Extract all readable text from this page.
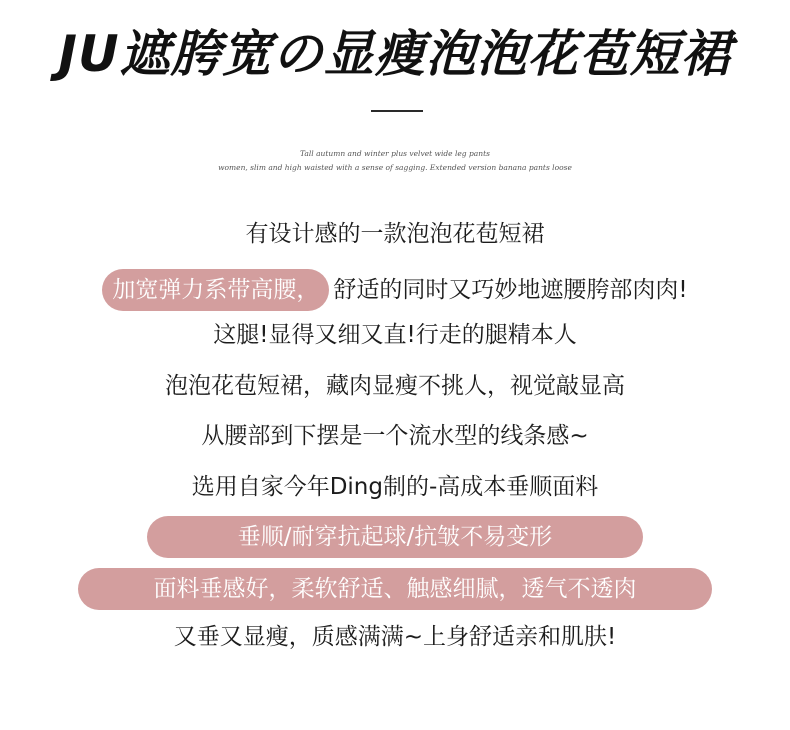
JU遮胯宽の显瘦泡泡花苞短裙
Tall autumn and winter plus velvet wide leg pants
women, slim and high waisted with a sense of sagging. Extended version banana pants loose
有设计感的一款泡泡花苞短裙
加宽弹力系带高腰， 舒适的同时又巧妙地遮腰胯部肉肉!
这腿!显得又细又直!行走的腿精本人
泡泡花苞短裙，藏肉显瘦不挑人，视觉敲显高
从腰部到下摆是一个流水型的线条感~
选用自家今年Ding制的-高成本垂顺面料
垂顺/耐穿抗起球/抗皱不易变形
面料垂感好，柔软舒适、触感细腻，透气不透肉
又垂又显瘦，质感满满~上身舒适亲和肌肤!
